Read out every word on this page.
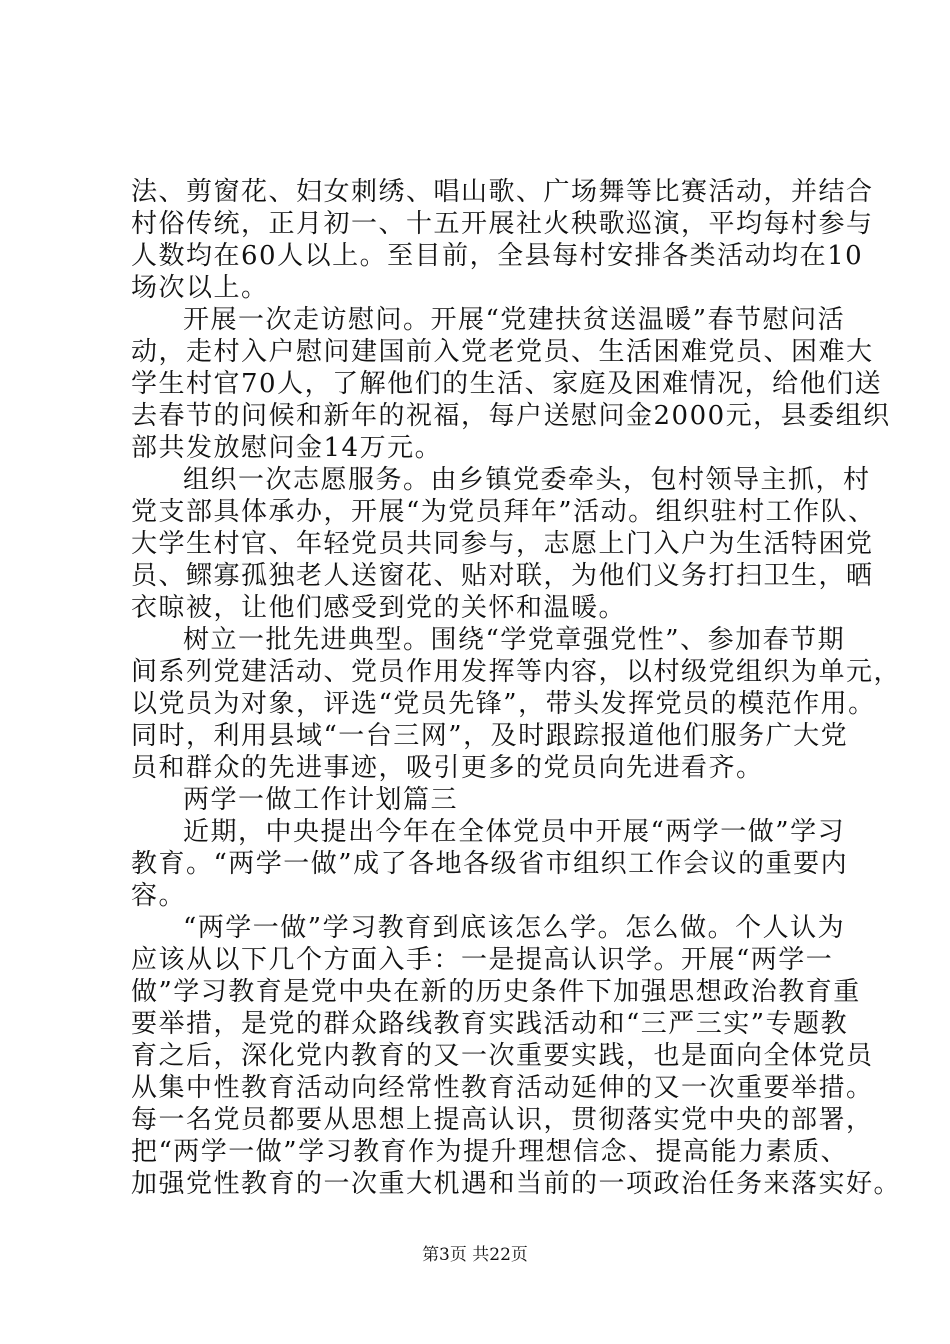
法、剪窗花、妇女刺绣、唱山歌、广场舞等比赛活动，并结合
村俗传统，正月初一、十五开展社火秧歌巡演，平均每村参与
人数均在60人以上。至目前，全县每村安排各类活动均在10
场次以上。
开展一次走访慰问。开展“党建扶贫送温暖”春节慰问活
动，走村入户慰问建国前入党老党员、生活困难党员、困难大
学生村官70人，了解他们的生活、家庭及困难情况，给他们送
去春节的问候和新年的祝福，每户送慰问金2000元，县委组织
部共发放慰问金14万元。
组织一次志愿服务。由乡镇党委牵头，包村领导主抓，村
党支部具体承办，开展“为党员拜年”活动。组织驻村工作队、
大学生村官、年轻党员共同参与，志愿上门入户为生活特困党
员、鳏寡孤独老人送窗花、贴对联，为他们义务打扫卫生，晒
衣晾被，让他们感受到党的关怀和温暖。
树立一批先进典型。围绕“学党章强党性”、参加春节期
间系列党建活动、党员作用发挥等内容，以村级党组织为单元，
以党员为对象，评选“党员先锋”，带头发挥党员的模范作用。
同时，利用县域“一台三网”，及时跟踪报道他们服务广大党
员和群众的先进事迹，吸引更多的党员向先进看齐。
两学一做工作计划篇三
近期，中央提出今年在全体党员中开展“两学一做”学习
教育。“两学一做”成了各地各级省市组织工作会议的重要内
容。
“两学一做”学习教育到底该怎么学。怎么做。个人认为
应该从以下几个方面入手：一是提高认识学。开展“两学一
做”学习教育是党中央在新的历史条件下加强思想政治教育重
要举措，是党的群众路线教育实践活动和“三严三实”专题教
育之后，深化党内教育的又一次重要实践，也是面向全体党员
从集中性教育活动向经常性教育活动延伸的又一次重要举措。
每一名党员都要从思想上提高认识，贯彻落实党中央的部署，
把“两学一做”学习教育作为提升理想信念、提高能力素质、
加强党性教育的一次重大机遇和当前的一项政治任务来落实好。
第3页 共22页
